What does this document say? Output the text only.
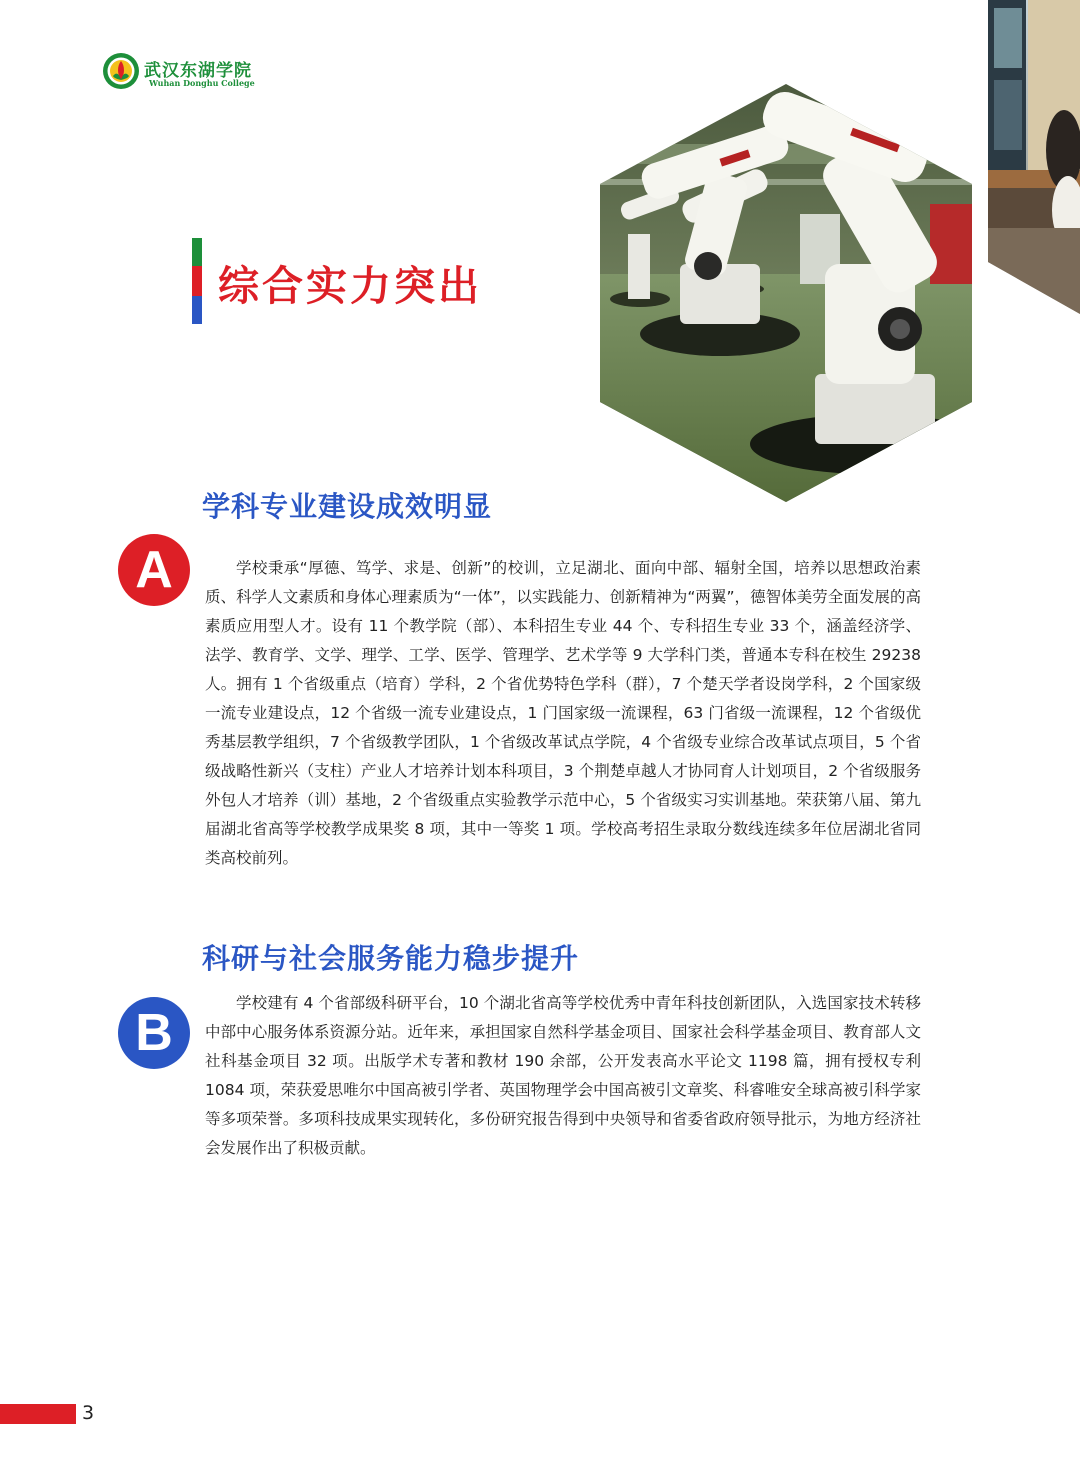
武汉东湖学院
Wuhan Donghu College
综合实力突出
学科专业建设成效明显
A	学校秉承“厚德、笃学、求是、创新”的校训，立足湖北、面向中部、辐射全国，培养以思想政治素质、科学人文素质和身体心理素质为“一体”，以实践能力、创新精神为“两翼”，德智体美劳全面发展的高素质应用型人才。设有 11 个教学院（部）、本科招生专业 44 个、专科招生专业 33 个，涵盖经济学、法学、教育学、文学、理学、工学、医学、管理学、艺术学等 9 大学科门类，普通本专科在校生 29238 人。拥有 1 个省级重点（培育）学科，2 个省优势特色学科（群），7 个楚天学者设岗学科，2 个国家级一流专业建设点，12 个省级一流专业建设点，1 门国家级一流课程，63 门省级一流课程，12 个省级优秀基层教学组织，7 个省级教学团队，1 个省级改革试点学院，4 个省级专业综合改革试点项目，5 个省级战略性新兴（支柱）产业人才培养计划本科项目，3 个荆楚卓越人才协同育人计划项目，2 个省级服务外包人才培养（训）基地，2 个省级重点实验教学示范中心，5 个省级实习实训基地。荣获第八届、第九届湖北省高等学校教学成果奖 8 项，其中一等奖 1 项。学校高考招生录取分数线连续多年位居湖北省同类高校前列。

科研与社会服务能力稳步提升
B

学校建有 4 个省部级科研平台，10 个湖北省高等学校优秀中青年科技创新团队，入选国家技术转移中部中心服务体系资源分站。近年来，承担国家自然科学基金项目、国家社会科学基金项目、教育部人文社科基金项目 32 项。出版学术专著和教材 190 余部，公开发表高水平论文 1198 篇，拥有授权专利 1084 项，荣获爱思唯尔中国高被引学者、英国物理学会中国高被引文章奖、科睿唯安全球高被引科学家等多项荣誉。多项科技成果实现转化，多份研究报告得到中央领导和省委省政府领导批示，为地方经济社会发展作出了积极贡献。

3
